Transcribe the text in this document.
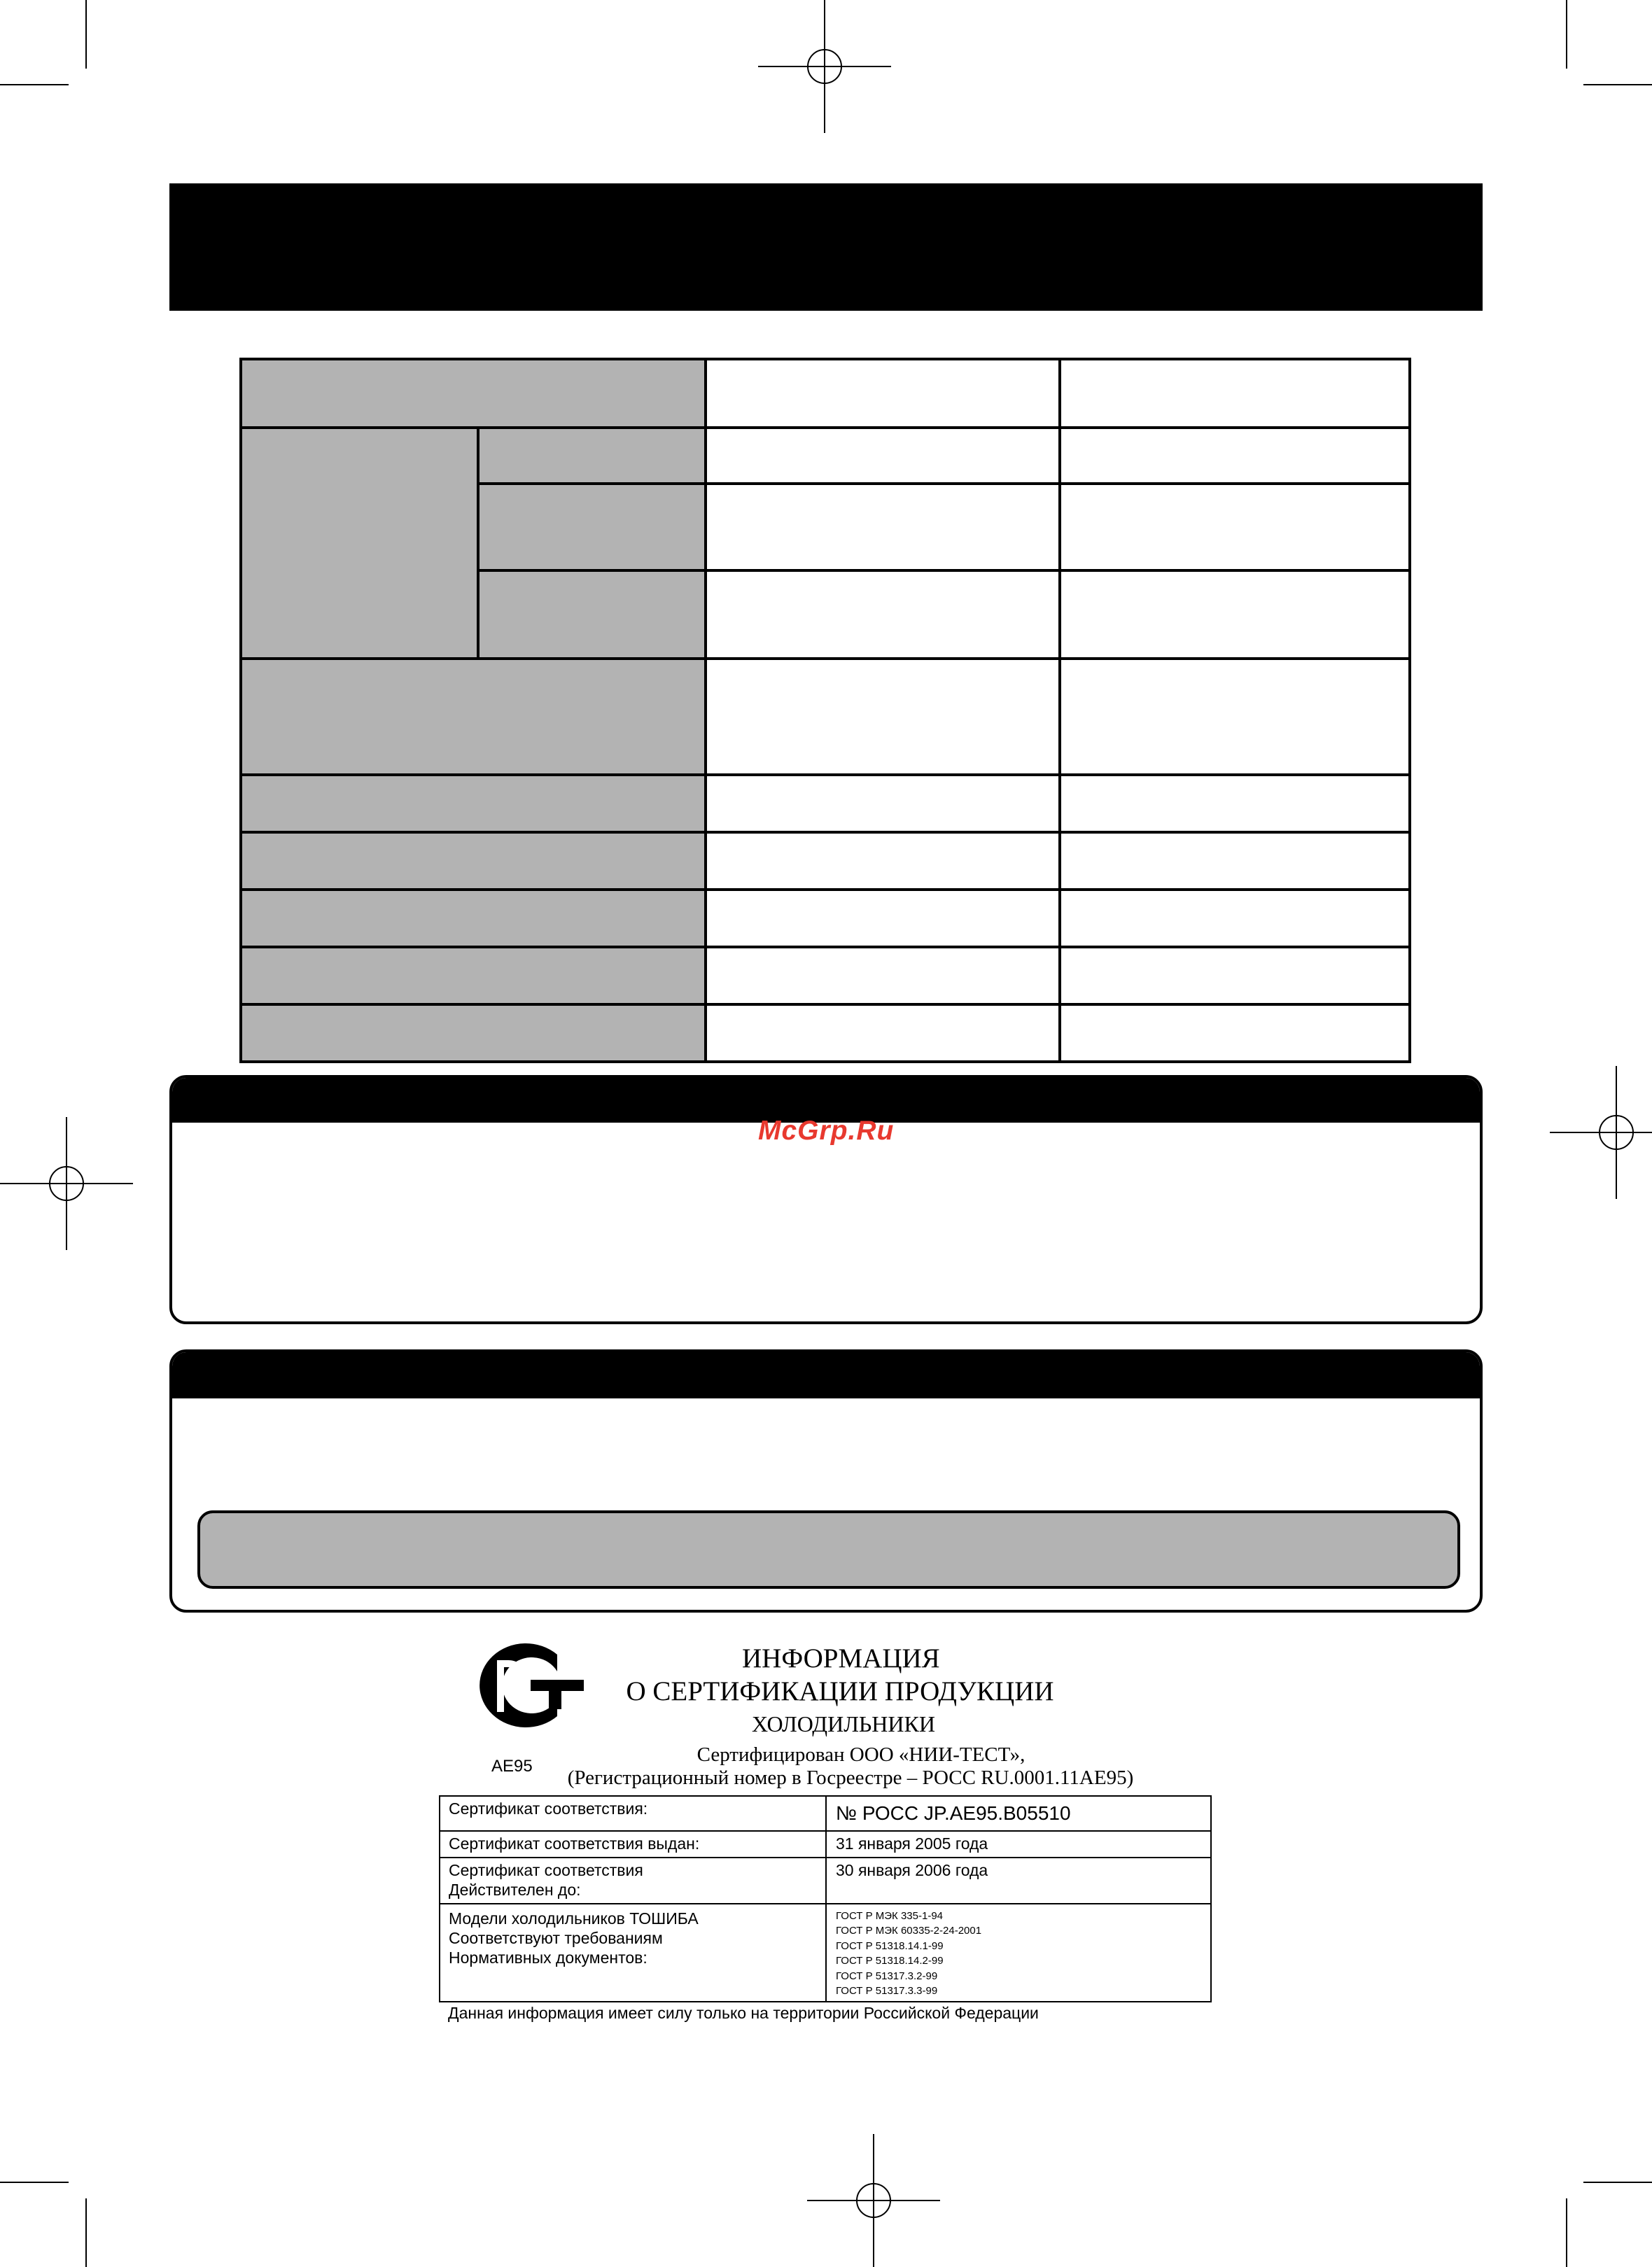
McGrp.Ru
AE95
ИНФОРМАЦИЯ
О СЕРТИФИКАЦИИ ПРОДУКЦИИ
ХОЛОДИЛЬНИКИ
Сертифицирован ООО «НИИ-ТЕСТ»,
(Регистрационный номер в Госреестре – РОСС RU.0001.11АЕ95)
Сертификат соответствия:	№ РОСС JP.AE95.B05510
Сертификат соответствия выдан:	31 января 2005 года
Сертификат соответствия
Действителен до:
30 января 2006 года
Модели холодильников ТОШИБА
Соответствуют требованиям
Нормативных документов:
ГОСТ Р МЭК 335-1-94
ГОСТ Р МЭК 60335-2-24-2001
ГОСТ Р 51318.14.1-99
ГОСТ Р 51318.14.2-99
ГОСТ Р 51317.3.2-99
ГОСТ Р 51317.3.3-99
Данная информация имеет силу только на территории Российской Федерации
